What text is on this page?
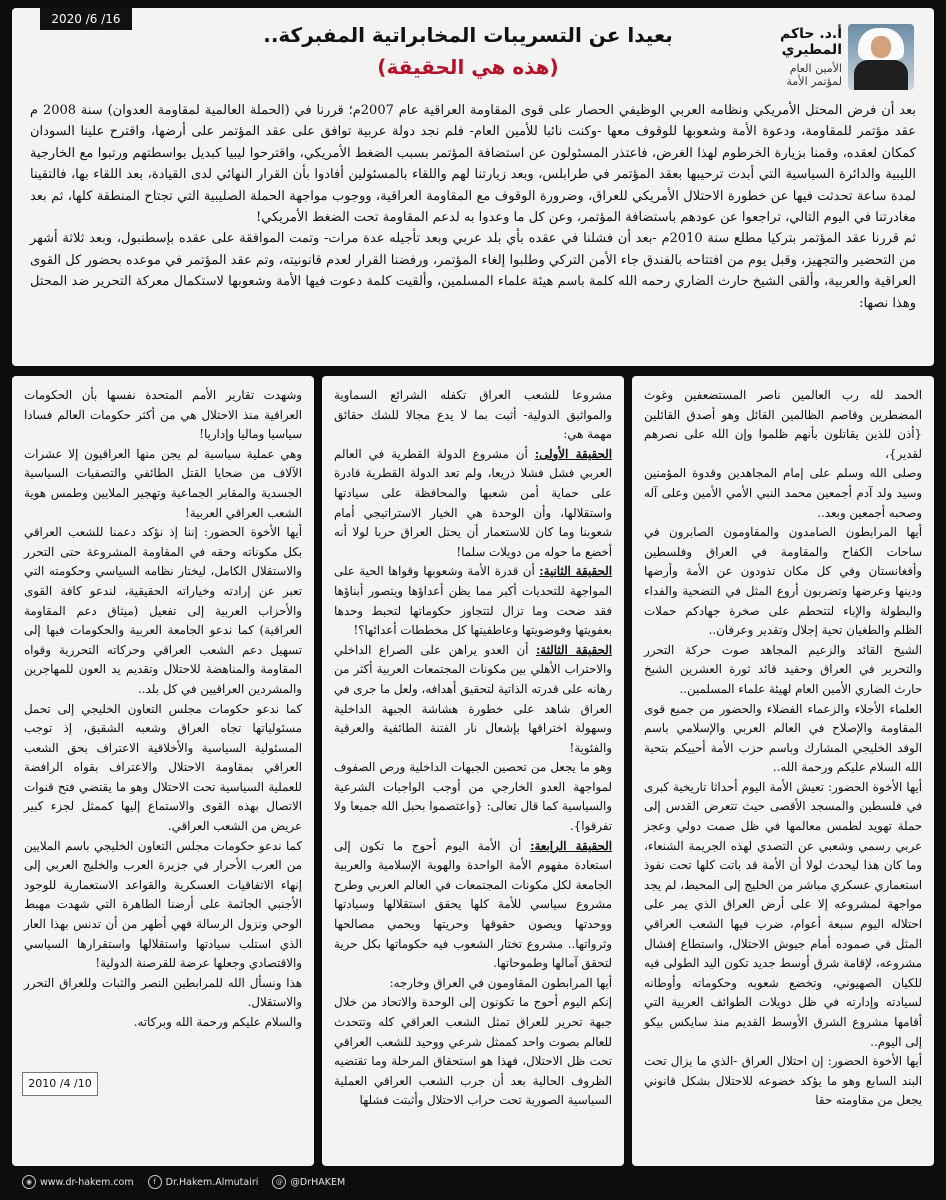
2020 /6 /16
أ.د. حاكم المطيري
الأمين العام لمؤتمر الأمة
بعيدا عن التسريبات المخابراتية المفبركة..
(هذه هي الحقيقة)

بعد أن فرض المحتل الأمريكي ونظامه العربي الوظيفي الحصار على قوى المقاومة العراقية عام 2007م؛ قررنا في (الحملة العالمية لمقاومة العدوان) سنة 2008 م عقد مؤتمر للمقاومة، ودعوة الأمة وشعوبها للوقوف معها -وكنت نائبا للأمين العام- فلم نجد دولة عربية توافق على عقد المؤتمر على أرضها، واقترح علينا السودان كمكان لعقده، وقمنا بزيارة الخرطوم لهذا الغرض، فاعتذر المسئولون عن استضافة المؤتمر بسبب الضغط الأمريكي، واقترحوا ليبيا كبديل بواسطتهم ورتبوا مع الخارجية الليبية والدائرة السياسية التي أبدت ترحيبها بعقد المؤتمر في طرابلس، وبعد زيارتنا لهم واللقاء بالمسئولين أفادوا بأن القرار النهائي لدى القيادة، بعد اللقاء بها، فالتقينا لمدة ساعة تحدثت فيها عن خطورة الاحتلال الأمريكي للعراق، وضرورة الوقوف مع المقاومة العراقية، ووجوب مواجهة الحملة الصليبية التي تجتاح المنطقة كلها، ثم بعد مغادرتنا في اليوم التالي، تراجعوا عن عودهم باستضافة المؤتمر، وعن كل ما وعدوا به لدعم المقاومة تحت الضغط الأمريكي!

ثم قررنا عقد المؤتمر بتركيا مطلع سنة 2010م -بعد أن فشلنا في عقده بأي بلد عربي وبعد تأجيله عدة مرات- وتمت الموافقة على عقده بإسطنبول، وبعد ثلاثة أشهر من التحضير والتجهيز، وقبل يوم من افتتاحه بالفندق جاء الأمن التركي وطلبوا إلغاء المؤتمر، ورفضنا القرار لعدم قانونيته، وتم عقد المؤتمر في موعده بحضور كل القوى العراقية والعربية، وألقى الشيخ حارث الضاري رحمه الله كلمة باسم هيئة علماء المسلمين، وألقيت كلمة دعوت فيها الأمة وشعوبها لاستكمال معركة التحرير ضد المحتل وهذا نصها:

الحمد لله رب العالمين ناصر المستضعفين وغوث المضطرين وقاصم الظالمين القائل وهو أصدق القائلين {أذن للذين يقاتلون بأنهم ظلموا وإن الله على نصرهم لقدير}،

وصلى الله وسلم على إمام المجاهدين وقدوة المؤمنين وسيد ولد آدم أجمعين محمد النبي الأمي الأمين وعلى آله وصحبه أجمعين وبعد..

أيها المرابطون الصامدون والمقاومون الصابرون في ساحات الكفاح والمقاومة في العراق وفلسطين وأفغانستان وفي كل مكان تذودون عن الأمة وأرضها ودينها وعرضها وتضربون أروع المثل في التضحية والفداء والبطولة والإباء لتتحطم على صخرة جهادكم حملات الظلم والطغيان تحية إجلال وتقدير وعرفان..

الشيخ القائد والزعيم المجاهد صوت حركة التحرر والتحرير في العراق وحفيد قائد ثورة العشرين الشيخ حارث الضاري الأمين العام لهيئة علماء المسلمين..

العلماء الأجلاء والزعماء الفضلاء والحضور من جميع قوى المقاومة والإصلاح في العالم العربي والإسلامي باسم الوفد الخليجي المشارك وباسم حزب الأمة أحييكم بتحية الله السلام عليكم ورحمة الله..

أيها الأخوة الحضور: تعيش الأمة اليوم أحداثا تاريخية كبرى في فلسطين والمسجد الأقصى حيث تتعرض القدس إلى حملة تهويد لطمس معالمها في ظل صمت دولي وعجز عربي رسمي وشعبي عن التصدي لهذه الجريمة الشنعاء، وما كان هذا ليحدث لولا أن الأمة قد باتت كلها تحت نفوذ استعماري عسكري مباشر من الخليج إلى المحيط، لم يجد مواجهة لمشروعه إلا على أرض العراق الذي يمر على احتلاله اليوم سبعة أعوام، ضرب فيها الشعب العراقي المثل في صموده أمام جيوش الاحتلال، واستطاع إفشال مشروعه، لإقامة شرق أوسط جديد تكون اليد الطولى فيه للكيان الصهيوني، وتخضع شعوبه وحكوماته وأوطانه لسيادته وإدارته في ظل دويلات الطوائف العربية التي أقامها مشروع الشرق الأوسط القديم منذ سايكس بيكو إلى اليوم..

أيها الأخوة الحضور: إن احتلال العراق -الذي ما يزال تحت البند السابع وهو ما يؤكد خضوعه للاحتلال بشكل قانوني يجعل من مقاومته حقا

مشروعا للشعب العراق تكفله الشرائع السماوية والمواثيق الدولية- أثبت بما لا يدع مجالا للشك حقائق مهمة هي:

الحقيقة الأولى: أن مشروع الدولة القطرية في العالم العربي فشل فشلا ذريعا، ولم تعد الدولة القطرية قادرة على حماية أمن شعبها والمحافظة على سيادتها واستقلالها، وأن الوحدة هي الخيار الاستراتيجي أمام شعوبنا وما كان للاستعمار أن يحتل العراق حربا لولا أنه أخضع ما حوله من دويلات سلما!

الحقيقة الثانية: أن قدرة الأمة وشعوبها وقواها الحية على المواجهة للتحديات أكبر مما يظن أعداؤها ويتصور أبناؤها فقد ضحت وما تزال لتتجاوز حكوماتها لتحبط وحدها بعفويتها وفوضويتها وعاطفيتها كل مخططات أعدائها؟!

الحقيقة الثالثة: أن العدو يراهن على الصراع الداخلي والاحتراب الأهلي بين مكونات المجتمعات العربية أكثر من رهانه على قدرته الذاتية لتحقيق أهدافه، ولعل ما جرى في العراق شاهد على خطورة هشاشة الجبهة الداخلية وسهولة اختراقها بإشعال نار الفتنة الطائفية والعرقية والفئوية!

وهو ما يجعل من تحصين الجبهات الداخلية ورص الصفوف لمواجهة العدو الخارجي من أوجب الواجبات الشرعية والسياسية كما قال تعالى: {واعتصموا بحبل الله جميعا ولا تفرقوا}.

الحقيقة الرابعة: أن الأمة اليوم أحوج ما تكون إلى استعادة مفهوم الأمة الواحدة والهوية الإسلامية والعربية الجامعة لكل مكونات المجتمعات في العالم العربي وطرح مشروع سياسي للأمة كلها يحقق استقلالها وسيادتها ووحدتها ويصون حقوقها وحريتها ويحمي مصالحها وثرواتها.. مشروع تختار الشعوب فيه حكوماتها بكل حرية لتحقق آمالها وطموحاتها.

أيها المرابطون المقاومون في العراق وخارجه:

إنكم اليوم أحوج ما تكونون إلى الوحدة والاتحاد من خلال جبهة تحرير للعراق تمثل الشعب العراقي كله وتتحدث للعالم بصوت واحد كممثل شرعي ووحيد للشعب العراقي تحت ظل الاحتلال، فهذا هو استحقاق المرحلة وما تقتضيه الظروف الحالية بعد أن جرب الشعب العراقي العملية السياسية الصورية تحت حراب الاحتلال وأثبتت فشلها

وشهدت تقارير الأمم المتحدة نفسها بأن الحكومات العراقية منذ الاحتلال هي من أكثر حكومات العالم فسادا سياسيا وماليا وإداريا!

وهي عملية سياسية لم يجن منها العراقيون إلا عشرات الآلاف من ضحايا القتل الطائفي والتصفيات السياسية الجسدية والمقابر الجماعية وتهجير الملايين وطمس هوية الشعب العراقي العربية!

أيها الأخوة الحضور: إننا إذ نؤكد دعمنا للشعب العراقي بكل مكوناته وحقه في المقاومة المشروعة حتى التحرر والاستقلال الكامل، ليختار نظامه السياسي وحكومته التي تعبر عن إرادته وخياراته الحقيقية، لندعو كافة القوى والأحزاب العربية إلى تفعيل (ميثاق دعم المقاومة العراقية) كما ندعو الجامعة العربية والحكومات فيها إلى تسهيل دعم الشعب العراقي وحركاته التحررية وقواه المقاومة والمناهضة للاحتلال وتقديم يد العون للمهاجرين والمشردين العراقيين في كل بلد..

كما ندعو حكومات مجلس التعاون الخليجي إلى تحمل مسئولياتها تجاه العراق وشعبه الشقيق، إذ توجب المسئولية السياسية والأخلاقية الاعتراف بحق الشعب العراقي بمقاومة الاحتلال والاعتراف بقواه الرافضة للعملية السياسية تحت الاحتلال وهو ما يقتضي فتح قنوات الاتصال بهذه القوى والاستماع إليها كممثل لجزء كبير عريض من الشعب العراقي.

كما ندعو حكومات مجلس التعاون الخليجي باسم الملايين من العرب الأحرار في جزيرة العرب والخليج العربي إلى إنهاء الاتفاقيات العسكرية والقواعد الاستعمارية للوجود الأجنبي الجاثمة على أرضنا الطاهرة التي شهدت مهبط الوحي ونزول الرسالة فهي أطهر من أن تدنس بهذا العار الذي استلب سيادتها واستقلالها واستقرارها السياسي والاقتصادي وجعلها عرضة للقرصنة الدولية!

هذا ونسأل الله للمرابطين النصر والثبات وللعراق التحرر والاستقلال.

والسلام عليكم ورحمة الله وبركاته.

2010 /4 /10
◉ www.dr-hakem.com	f	Dr.Hakem.Almutairi	@ @DrHAKEM
